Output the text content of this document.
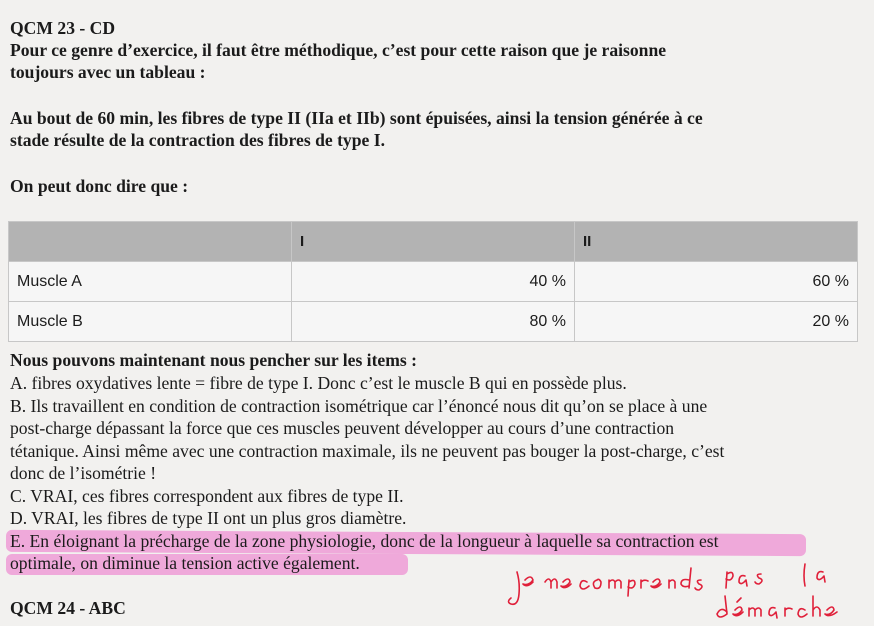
QCM 23 - CD
Pour ce genre d’exercice, il faut être méthodique, c’est pour cette raison que je raisonne
toujours avec un tableau :
Au bout de 60 min, les fibres de type II (IIa et IIb) sont épuisées, ainsi la tension générée à ce
stade résulte de la contraction des fibres de type I.
On peut donc dire que :
	I	II
Muscle A	40 %	60 %
Muscle B	80 %	20 %
Nous pouvons maintenant nous pencher sur les items :
A. fibres oxydatives lente = fibre de type I. Donc c’est le muscle B qui en possède plus.
B. Ils travaillent en condition de contraction isométrique car l’énoncé nous dit qu’on se place à une
post-charge dépassant la force que ces muscles peuvent développer au cours d’une contraction
tétanique. Ainsi même avec une contraction maximale, ils ne peuvent pas bouger la post-charge, c’est
donc de l’isométrie !
C. VRAI, ces fibres correspondent aux fibres de type II.
D. VRAI, les fibres de type II ont un plus gros diamètre.
E. En éloignant la précharge de la zone physiologie, donc de la longueur à laquelle sa contraction est
optimale, on diminue la tension active également.
QCM 24 - ABC
